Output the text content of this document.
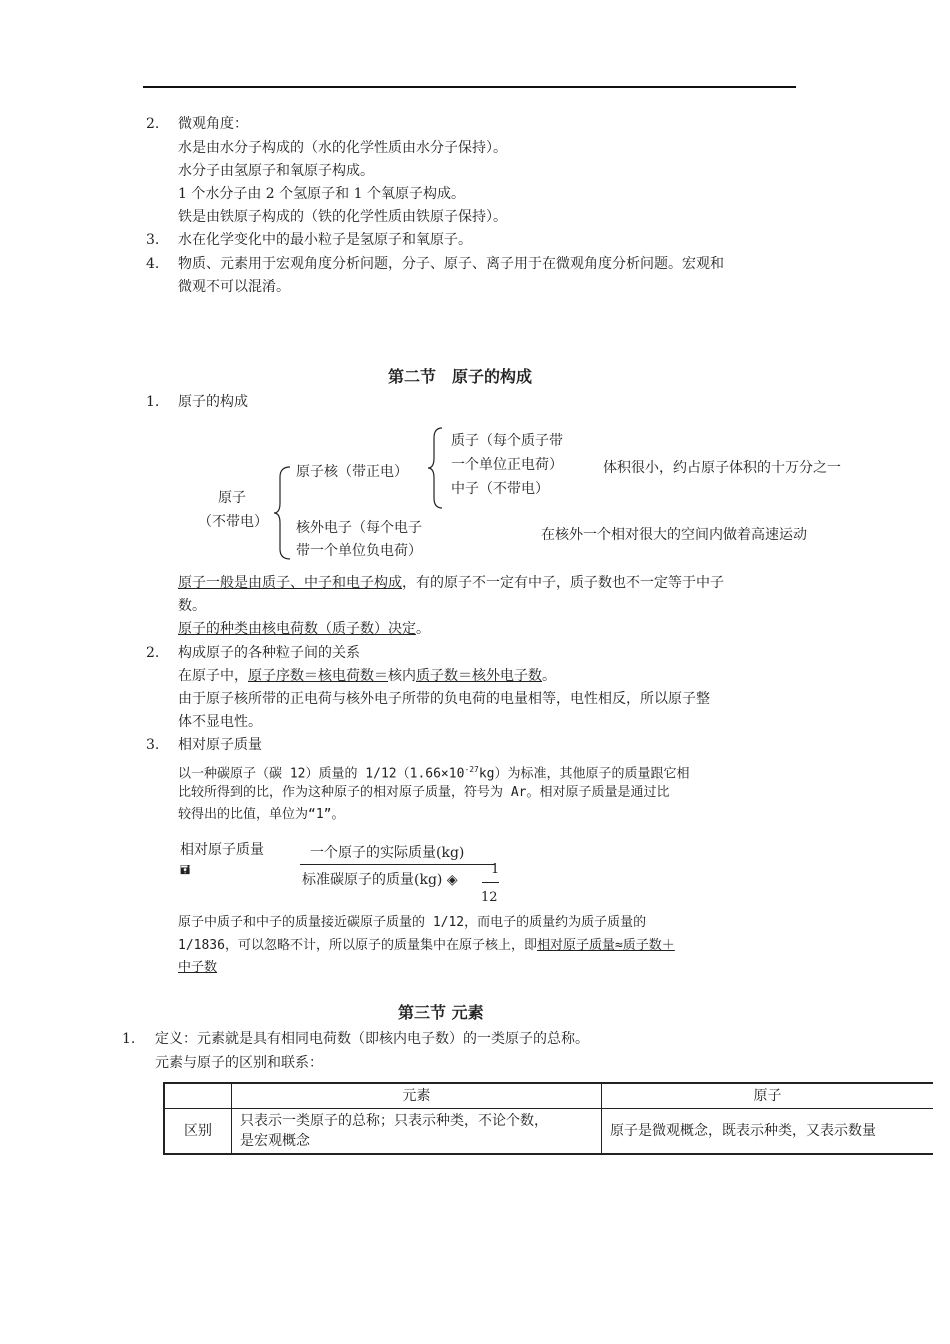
2. 微观角度：
水是由水分子构成的（水的化学性质由水分子保持）。
水分子由氢原子和氧原子构成。
1 个水分子由 2 个氢原子和 1 个氧原子构成。
铁是由铁原子构成的（铁的化学性质由铁原子保持）。
3. 水在化学变化中的最小粒子是氢原子和氧原子。
4. 物质、元素用于宏观角度分析问题，分子、原子、离子用于在微观角度分析问题。宏观和
微观不可以混淆。
第二节　原子的构成
1. 原子的构成
原子
（不带电）
原子核（带正电）
质子（每个质子带
一个单位正电荷）
中子（不带电）
体积很小，约占原子体积的十万分之一
核外电子（每个电子
带一个单位负电荷）
在核外一个相对很大的空间内做着高速运动
原子一般是由质子、中子和电子构成，有的原子不一定有中子，质子数也不一定等于中子
数。
原子的种类由核电荷数（质子数）决定。
2. 构成原子的各种粒子间的关系
在原子中，原子序数＝核电荷数＝核内质子数＝核外电子数。
由于原子核所带的正电荷与核外电子所带的负电荷的电量相等，电性相反，所以原子整
体不显电性。
3. 相对原子质量
以一种碳原子（碳 12）质量的 $1/12(1.66\times 10^{-27}kg)$为标准，其他原子的质量跟它相
比较所得到的比，作为这种原子的相对原子质量，符号为 Ar。相对原子质量是通过比
较得出的比值，单位为“1”。
相对原子质量
🖬
一个原子的实际质量(kg)
标准碳原子的质量(kg) ◈
1
12
原子中质子和中子的质量接近碳原子质量的 1/12，而电子的质量约为质子质量的
1/1836，可以忽略不计，所以原子的质量集中在原子核上，即相对原子质量≈质子数＋
中子数
第三节 元素
1. 定义：元素就是具有相同电荷数（即核内电子数）的一类原子的总称。
元素与原子的区别和联系：
	元素	原子
区别	只表示一类原子的总称；只表示种类，不论个数，
是宏观概念	原子是微观概念，既表示种类，又表示数量
